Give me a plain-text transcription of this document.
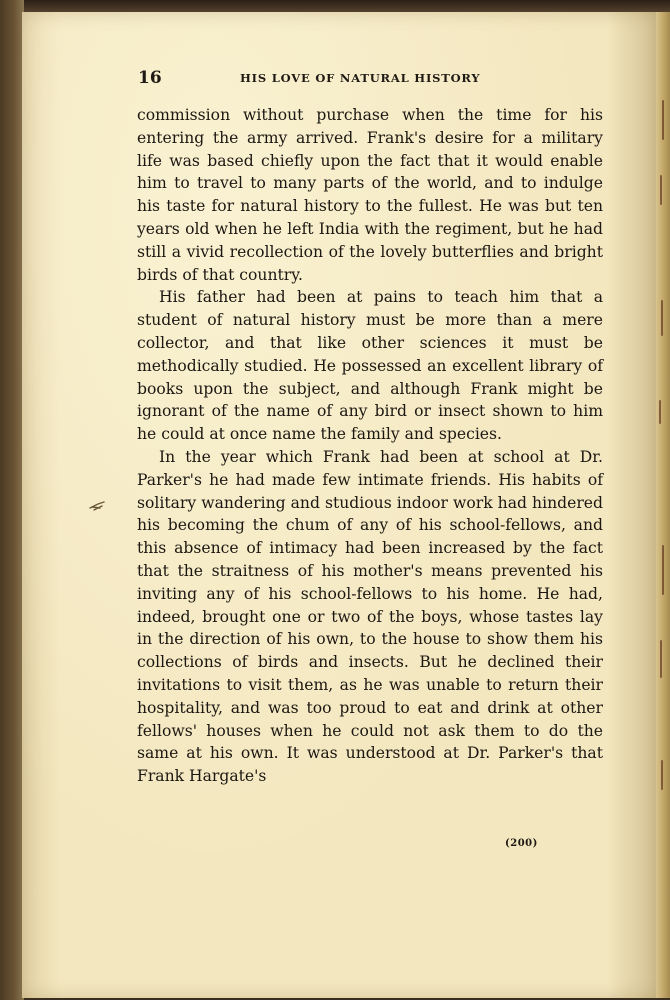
16	HIS LOVE OF NATURAL HISTORY

commission without purchase when the time for his entering the army arrived. Frank's desire for a military life was based chiefly upon the fact that it would enable him to travel to many parts of the world, and to indulge his taste for natural history to the fullest. He was but ten years old when he left India with the regiment, but he had still a vivid recollection of the lovely butterflies and bright birds of that country.

His father had been at pains to teach him that a student of natural history must be more than a mere collector, and that like other sciences it must be methodically studied. He possessed an excellent library of books upon the subject, and although Frank might be ignorant of the name of any bird or insect shown to him he could at once name the family and species.

In the year which Frank had been at school at Dr. Parker's he had made few intimate friends. His habits of solitary wandering and studious indoor work had hindered his becoming the chum of any of his school-fellows, and this absence of intimacy had been increased by the fact that the straitness of his mother's means prevented his inviting any of his school-fellows to his home. He had, indeed, brought one or two of the boys, whose tastes lay in the direction of his own, to the house to show them his collections of birds and insects. But he declined their invitations to visit them, as he was unable to return their hospitality, and was too proud to eat and drink at other fellows' houses when he could not ask them to do the same at his own. It was understood at Dr. Parker's that Frank Hargate's

(200)
